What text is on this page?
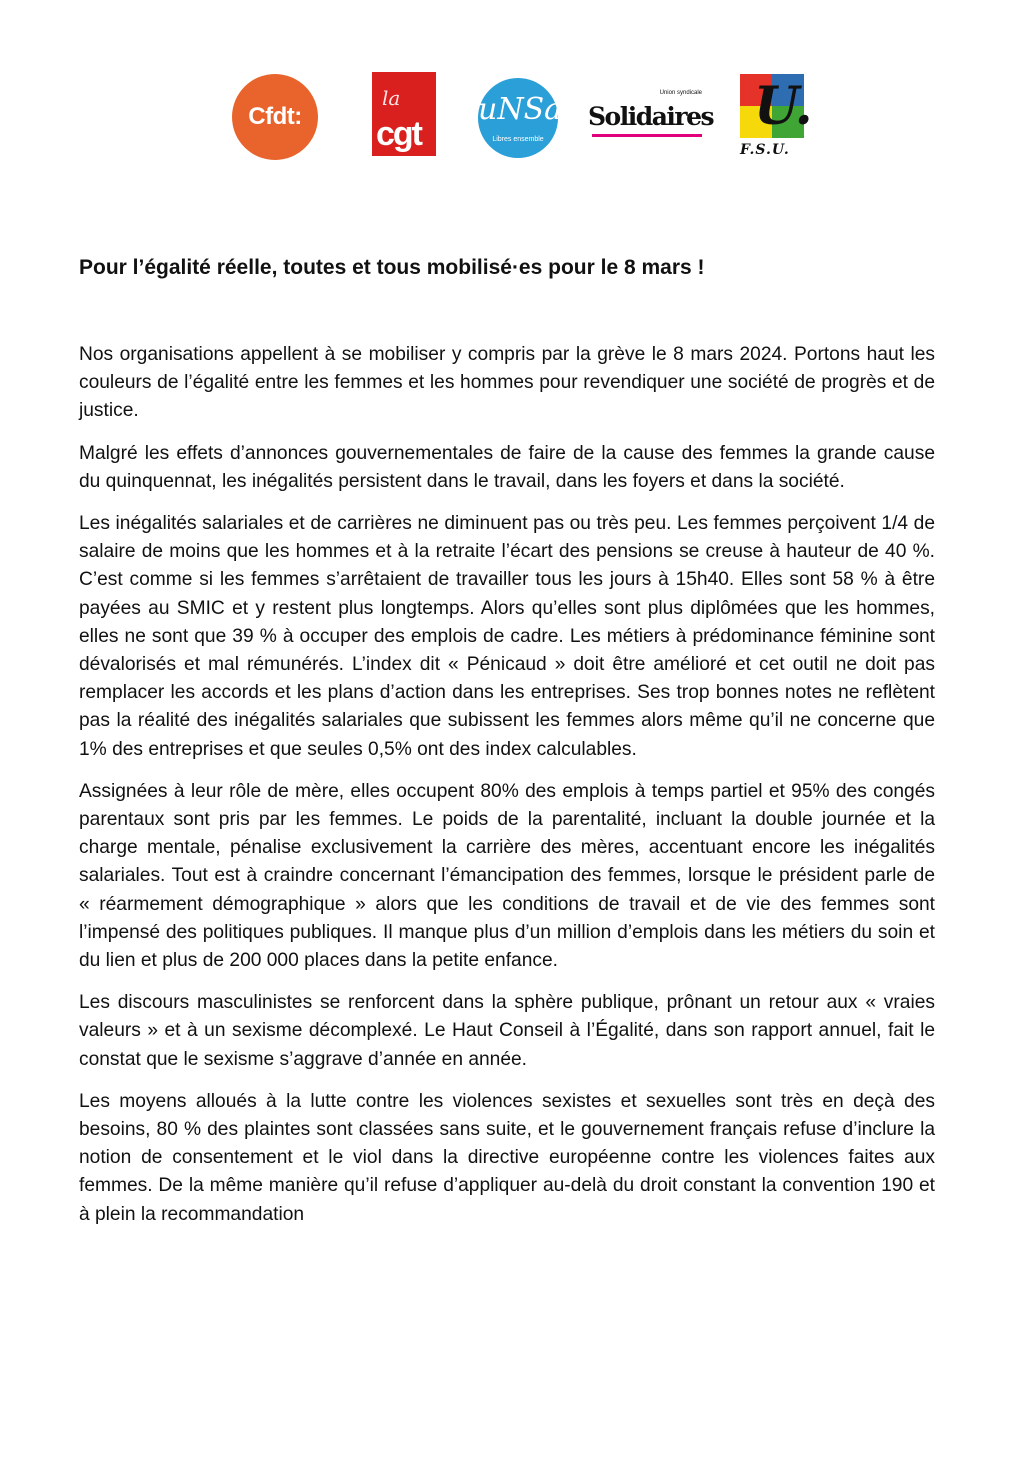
Cfdt:
la
cgt
uNSa
Libres ensemble
Union syndicale
Solidaires U.
F.S.U.
Pour l’égalité réelle, toutes et tous mobilisé·es pour le 8 mars !

Nos organisations appellent à se mobiliser y compris par la grève le 8 mars 2024. Portons haut les couleurs de l’égalité entre les femmes et les hommes pour revendiquer une société de progrès et de justice.

Malgré les effets d’annonces gouvernementales de faire de la cause des femmes la grande cause du quinquennat, les inégalités persistent dans le travail, dans les foyers et dans la société.

Les inégalités salariales et de carrières ne diminuent pas ou très peu. Les femmes perçoivent 1/4 de salaire de moins que les hommes et à la retraite l’écart des pensions se creuse à hauteur de 40 %. C’est comme si les femmes s’arrêtaient de travailler tous les jours à 15h40. Elles sont 58 % à être payées au SMIC et y restent plus longtemps. Alors qu’elles sont plus diplômées que les hommes, elles ne sont que 39 % à occuper des emplois de cadre. Les métiers à prédominance féminine sont dévalorisés et mal rémunérés. L’index dit « Pénicaud » doit être amélioré et cet outil ne doit pas remplacer les accords et les plans d’action dans les entreprises. Ses trop bonnes notes ne reflètent pas la réalité des inégalités salariales que subissent les femmes alors même qu’il ne concerne que 1% des entreprises et que seules 0,5% ont des index calculables.

Assignées à leur rôle de mère, elles occupent 80% des emplois à temps partiel et 95% des congés parentaux sont pris par les femmes. Le poids de la parentalité, incluant la double journée et la charge mentale, pénalise exclusivement la carrière des mères, accentuant encore les inégalités salariales. Tout est à craindre concernant l’émancipation des femmes, lorsque le président parle de « réarmement démographique » alors que les conditions de travail et de vie des femmes sont l’impensé des politiques publiques. Il manque plus d’un million d’emplois dans les métiers du soin et du lien et plus de 200 000 places dans la petite enfance.

Les discours masculinistes se renforcent dans la sphère publique, prônant un retour aux « vraies valeurs » et à un sexisme décomplexé. Le Haut Conseil à l’Égalité, dans son rapport annuel, fait le constat que le sexisme s’aggrave d’année en année.

Les moyens alloués à la lutte contre les violences sexistes et sexuelles sont très en deçà des besoins, 80 % des plaintes sont classées sans suite, et le gouvernement français refuse d’inclure la notion de consentement et le viol dans la directive européenne contre les violences faites aux femmes. De la même manière qu’il refuse d’appliquer au-delà du droit constant la convention 190 et à plein la recommandation
